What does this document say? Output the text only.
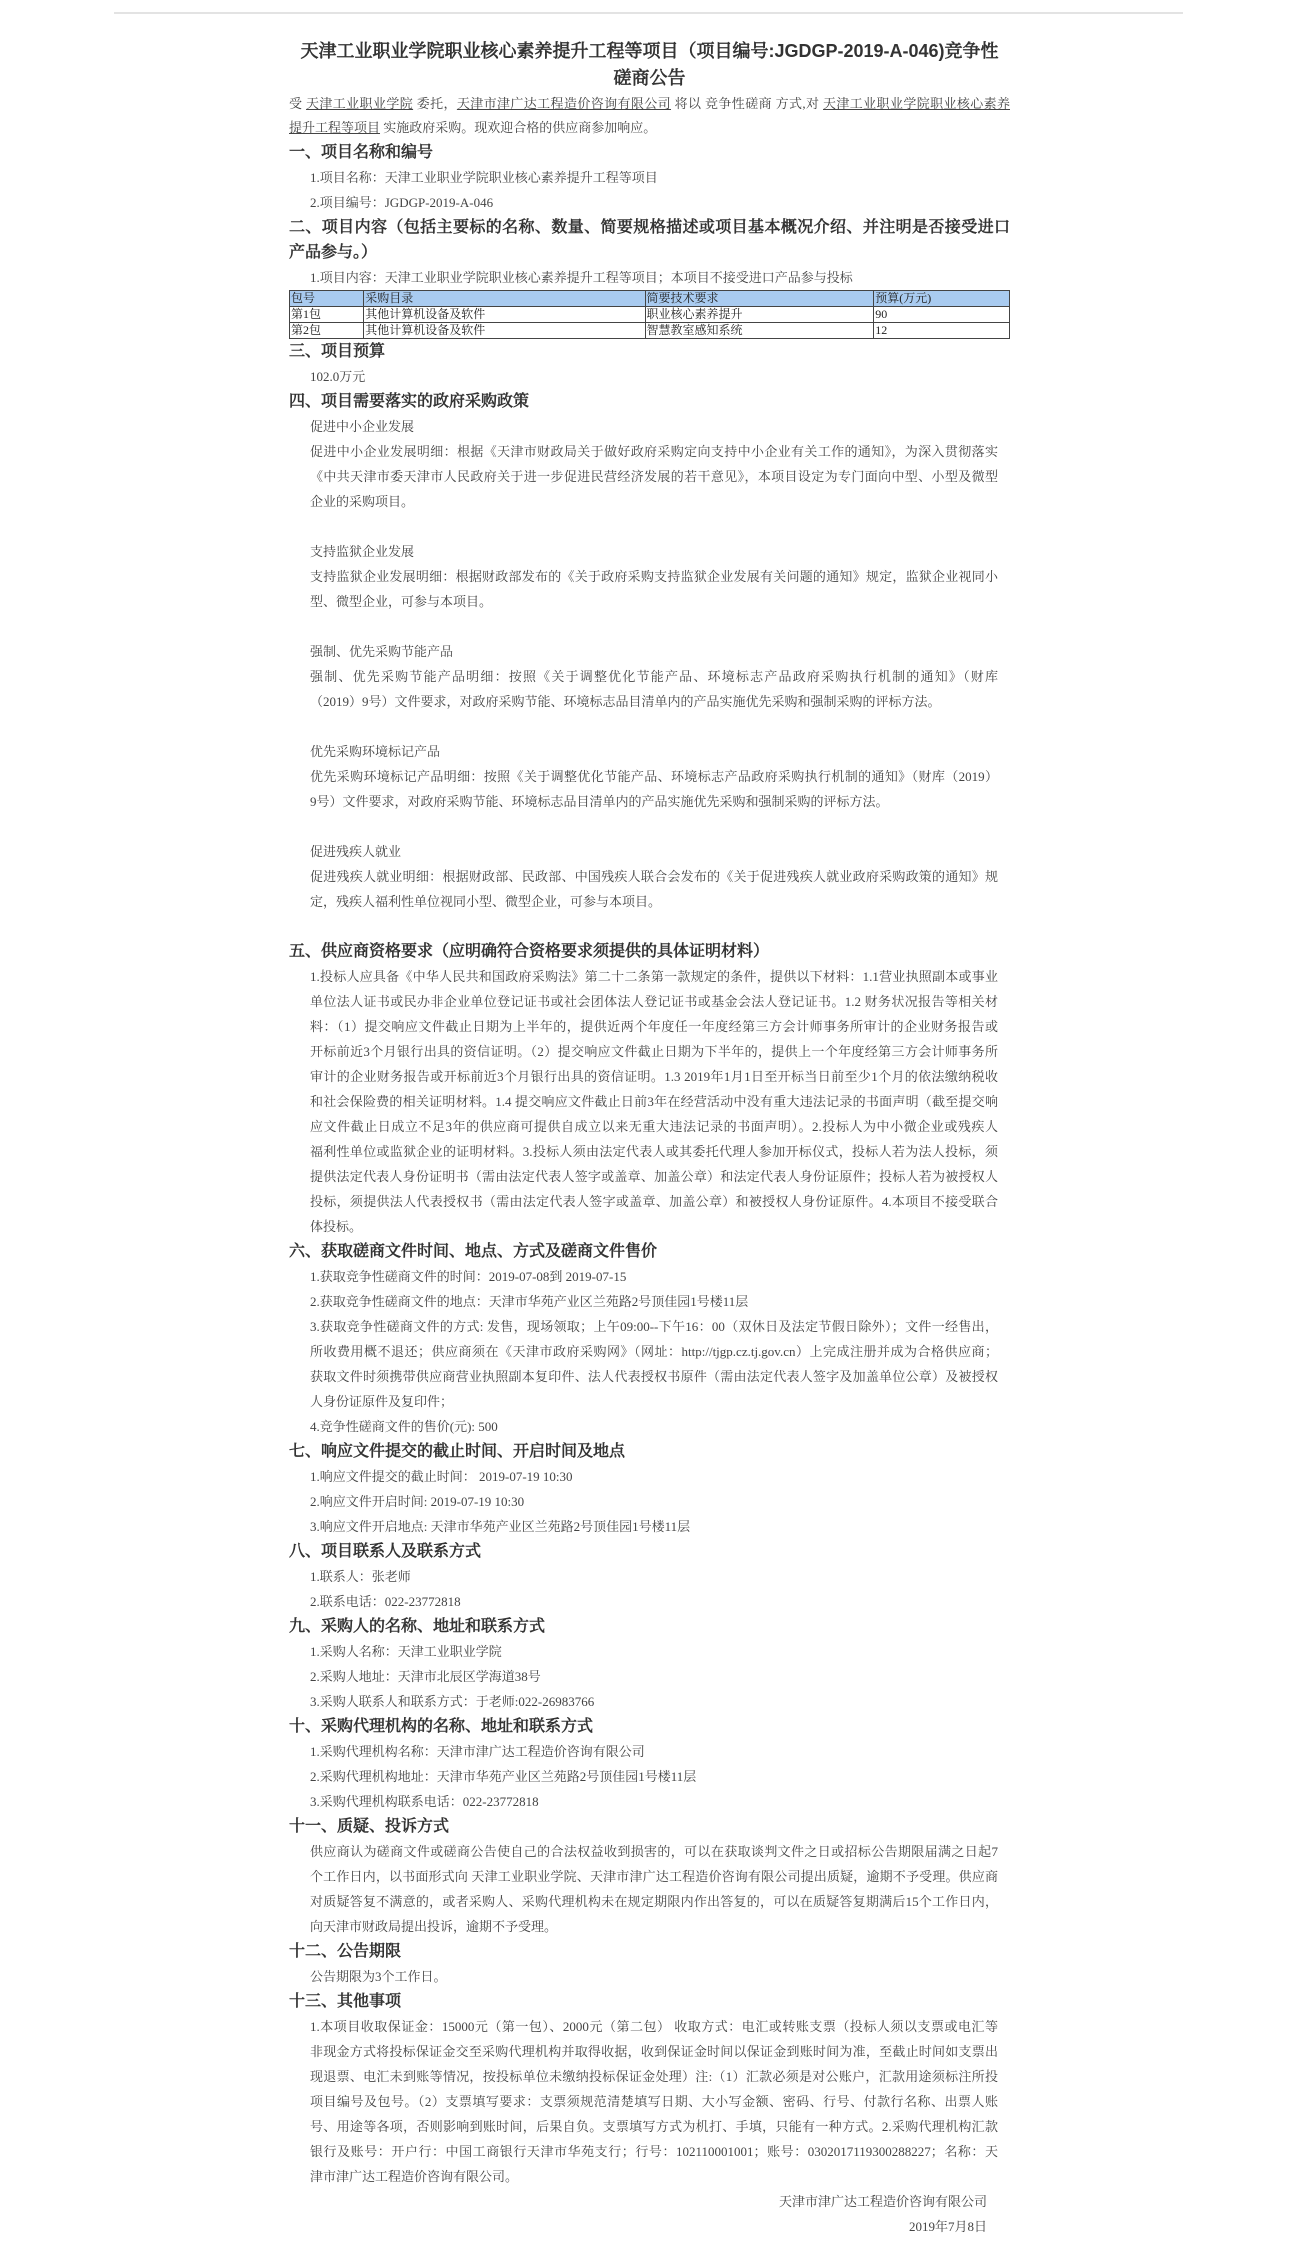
天津工业职业学院职业核心素养提升工程等项目（项目编号:JGDGP-2019-A-046)竞争性
磋商公告
受 天津工业职业学院 委托，天津市津广达工程造价咨询有限公司 将以 竞争性磋商 方式,对 天津工业职业学院职业核心素养
提升工程等项目 实施政府采购。现欢迎合格的供应商参加响应。
一、项目名称和编号
1.项目名称：天津工业职业学院职业核心素养提升工程等项目
2.项目编号：JGDGP-2019-A-046
二、项目内容（包括主要标的名称、数量、简要规格描述或项目基本概况介绍、并注明是否接受进口
产品参与。）
1.项目内容：天津工业职业学院职业核心素养提升工程等项目；本项目不接受进口产品参与投标
包号	采购目录	简要技术要求	预算(万元)
第1包	其他计算机设备及软件	职业核心素养提升	90
第2包	其他计算机设备及软件	智慧教室感知系统	12
三、项目预算
102.0万元
四、项目需要落实的政府采购政策
促进中小企业发展
促进中小企业发展明细：根据《天津市财政局关于做好政府采购定向支持中小企业有关工作的通知》，为深入贯彻落实
《中共天津市委天津市人民政府关于进一步促进民营经济发展的若干意见》，本项目设定为专门面向中型、小型及微型
企业的采购项目。
支持监狱企业发展
支持监狱企业发展明细：根据财政部发布的《关于政府采购支持监狱企业发展有关问题的通知》规定，监狱企业视同小
型、微型企业，可参与本项目。
强制、优先采购节能产品
强制、优先采购节能产品明细：按照《关于调整优化节能产品、环境标志产品政府采购执行机制的通知》（财库
（2019）9号）文件要求，对政府采购节能、环境标志品目清单内的产品实施优先采购和强制采购的评标方法。
优先采购环境标记产品
优先采购环境标记产品明细：按照《关于调整优化节能产品、环境标志产品政府采购执行机制的通知》（财库（2019）
9号）文件要求，对政府采购节能、环境标志品目清单内的产品实施优先采购和强制采购的评标方法。
促进残疾人就业
促进残疾人就业明细：根据财政部、民政部、中国残疾人联合会发布的《关于促进残疾人就业政府采购政策的通知》规
定，残疾人福利性单位视同小型、微型企业，可参与本项目。
五、供应商资格要求（应明确符合资格要求须提供的具体证明材料）
1.投标人应具备《中华人民共和国政府采购法》第二十二条第一款规定的条件，提供以下材料：1.1营业执照副本或事业
单位法人证书或民办非企业单位登记证书或社会团体法人登记证书或基金会法人登记证书。1.2 财务状况报告等相关材
料：（1）提交响应文件截止日期为上半年的，提供近两个年度任一年度经第三方会计师事务所审计的企业财务报告或
开标前近3个月银行出具的资信证明。（2）提交响应文件截止日期为下半年的，提供上一个年度经第三方会计师事务所
审计的企业财务报告或开标前近3个月银行出具的资信证明。1.3 2019年1月1日至开标当日前至少1个月的依法缴纳税收
和社会保险费的相关证明材料。1.4 提交响应文件截止日前3年在经营活动中没有重大违法记录的书面声明（截至提交响
应文件截止日成立不足3年的供应商可提供自成立以来无重大违法记录的书面声明）。2.投标人为中小微企业或残疾人
福利性单位或监狱企业的证明材料。3.投标人须由法定代表人或其委托代理人参加开标仪式，投标人若为法人投标，须
提供法定代表人身份证明书（需由法定代表人签字或盖章、加盖公章）和法定代表人身份证原件；投标人若为被授权人
投标，须提供法人代表授权书（需由法定代表人签字或盖章、加盖公章）和被授权人身份证原件。4.本项目不接受联合
体投标。
六、获取磋商文件时间、地点、方式及磋商文件售价
1.获取竞争性磋商文件的时间：2019-07-08到 2019-07-15
2.获取竞争性磋商文件的地点：天津市华苑产业区兰苑路2号顶佳园1号楼11层
3.获取竞争性磋商文件的方式: 发售，现场领取；上午09:00--下午16：00（双休日及法定节假日除外）；文件一经售出，
所收费用概不退还；供应商须在《天津市政府采购网》（网址：http://tjgp.cz.tj.gov.cn）上完成注册并成为合格供应商；
获取文件时须携带供应商营业执照副本复印件、法人代表授权书原件（需由法定代表人签字及加盖单位公章）及被授权
人身份证原件及复印件；
4.竞争性磋商文件的售价(元): 500
七、响应文件提交的截止时间、开启时间及地点
1.响应文件提交的截止时间： 2019-07-19 10:30
2.响应文件开启时间: 2019-07-19 10:30
3.响应文件开启地点: 天津市华苑产业区兰苑路2号顶佳园1号楼11层
八、项目联系人及联系方式
1.联系人：张老师
2.联系电话：022-23772818
九、采购人的名称、地址和联系方式
1.采购人名称：天津工业职业学院
2.采购人地址：天津市北辰区学海道38号
3.采购人联系人和联系方式：于老师:022-26983766
十、采购代理机构的名称、地址和联系方式
1.采购代理机构名称：天津市津广达工程造价咨询有限公司
2.采购代理机构地址：天津市华苑产业区兰苑路2号顶佳园1号楼11层
3.采购代理机构联系电话：022-23772818
十一、质疑、投诉方式
供应商认为磋商文件或磋商公告使自己的合法权益收到损害的，可以在获取谈判文件之日或招标公告期限届满之日起7
个工作日内，以书面形式向 天津工业职业学院、天津市津广达工程造价咨询有限公司提出质疑，逾期不予受理。供应商
对质疑答复不满意的，或者采购人、采购代理机构未在规定期限内作出答复的，可以在质疑答复期满后15个工作日内，
向天津市财政局提出投诉，逾期不予受理。
十二、公告期限
公告期限为3个工作日。
十三、其他事项
1.本项目收取保证金：15000元（第一包）、2000元（第二包） 收取方式：电汇或转账支票（投标人须以支票或电汇等
非现金方式将投标保证金交至采购代理机构并取得收据，收到保证金时间以保证金到账时间为准，至截止时间如支票出
现退票、电汇未到账等情况，按投标单位未缴纳投标保证金处理）注:（1）汇款必须是对公账户，汇款用途须标注所投
项目编号及包号。（2）支票填写要求：支票须规范清楚填写日期、大小写金额、密码、行号、付款行名称、出票人账
号、用途等各项，否则影响到账时间，后果自负。支票填写方式为机打、手填，只能有一种方式。2.采购代理机构汇款
银行及账号：开户行：中国工商银行天津市华苑支行；行号：102110001001；账号：0302017119300288227；名称：天
津市津广达工程造价咨询有限公司。
天津市津广达工程造价咨询有限公司
2019年7月8日
